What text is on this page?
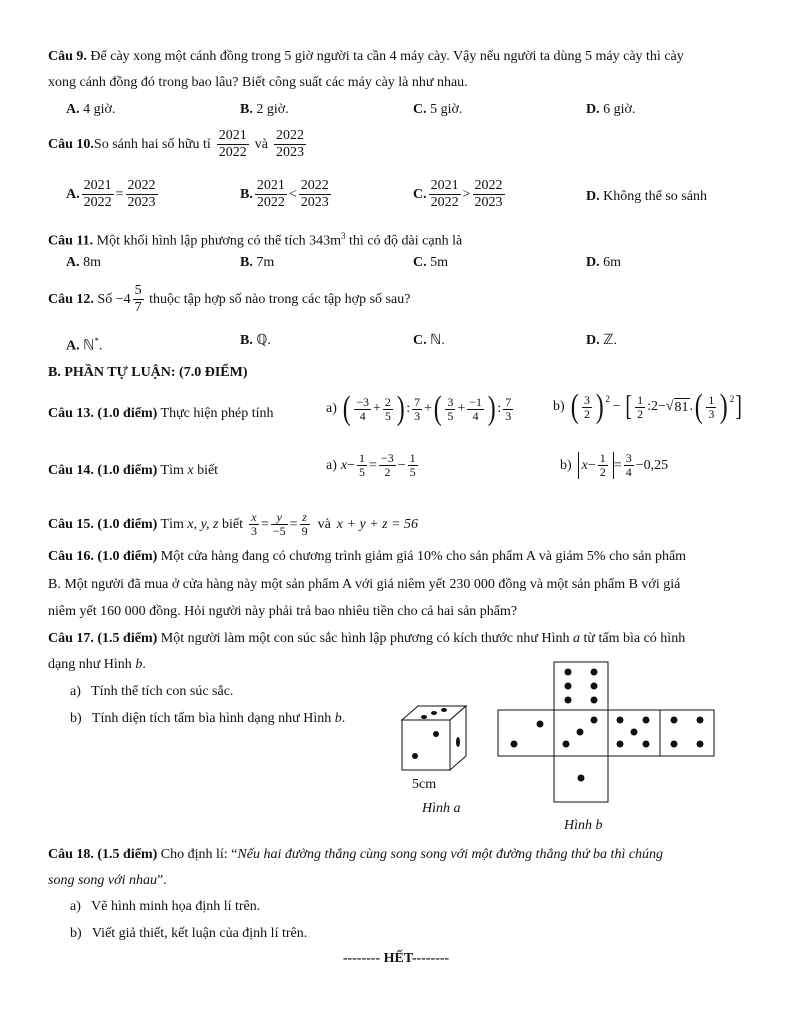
Câu 9. Để cày xong một cánh đồng trong 5 giờ người ta cần 4 máy cày. Vậy nếu người ta dùng 5 máy cày thì cày
xong cánh đồng đó trong bao lâu? Biết công suất các máy cày là như nhau.
A. 4 giờ.	B. 2 giờ.	C. 5 giờ.	D. 6 giờ.
Câu 10. So sánh hai số hữu tỉ $\frac{2021}{2022}$ và $\frac{2022}{2023}$
A. $\frac{2021}{2022} = \frac{2022}{2023}$	B. $\frac{2021}{2022} < \frac{2022}{2023}$	C. $\frac{2021}{2022} > \frac{2022}{2023}$	D. Không thể so sánh
Câu 11. Một khối hình lập phương có thể tích $343m^3$ thì có độ dài cạnh là
A. 8m	B. 7m	C. 5m	D. 6m
Câu 12. Số $-4 \frac{5}{7}$ thuộc tập hợp số nào trong các tập hợp số sau?
A. ℕ*.	B. ℚ.	C. ℕ.	D. ℤ.
B. PHẦN TỰ LUẬN: (7.0 ĐIỂM)
Câu 13. (1.0 điểm) Thực hiện phép tính	a) ( $\frac{-3}{4} + \frac{2}{5}$ ) : $\frac{7}{3}$ + ( $\frac{3}{5} + \frac{-1}{4}$ ) : $\frac{7}{3}$	b) ( $\frac{3}{2}$ ) 2 − [ $\frac{1}{2}$ :2−√ 81 . ( $\frac{1}{3}$ ) 2 ]
Câu 14. (1.0 điểm) Tìm x biết	a) $x - \frac{1}{5} = \frac{-3}{2} - \frac{1}{5}$	b) $x - \frac{1}{2} = \frac{3}{4} -0,25$
Câu 15. (1.0 điểm) Tìm x, y, z biết $\frac{x}{3} = \frac{y}{-5} = \frac{z}{9}$ và x + y + z = 56
Câu 16. (1.0 điểm) Một cửa hàng đang có chương trình giảm giá 10% cho sản phẩm A và giảm 5% cho sản phẩm
B. Một người đã mua ở cửa hàng này một sản phẩm A với giá niêm yết 230 000 đồng và một sản phẩm B với giá
niêm yết 160 000 đồng. Hỏi người này phải trả bao nhiêu tiền cho cả hai sản phẩm?
Câu 17. (1.5 điểm) Một người làm một con súc sắc hình lập phương có kích thước như Hình a từ tấm bìa có hình
dạng như Hình b.
a)   Tính thể tích con súc sắc.
b)   Tính diện tích tấm bìa hình dạng như Hình b.
5cm
Hình a
Hình b
Câu 18. (1.5 điểm) Cho định lí: “Nếu hai đường thẳng cùng song song với một đường thẳng thứ ba thì chúng
song song với nhau”.
a)   Vẽ hình minh họa định lí trên.
b)   Viết giả thiết, kết luận của định lí trên.
-------- HẾT--------
